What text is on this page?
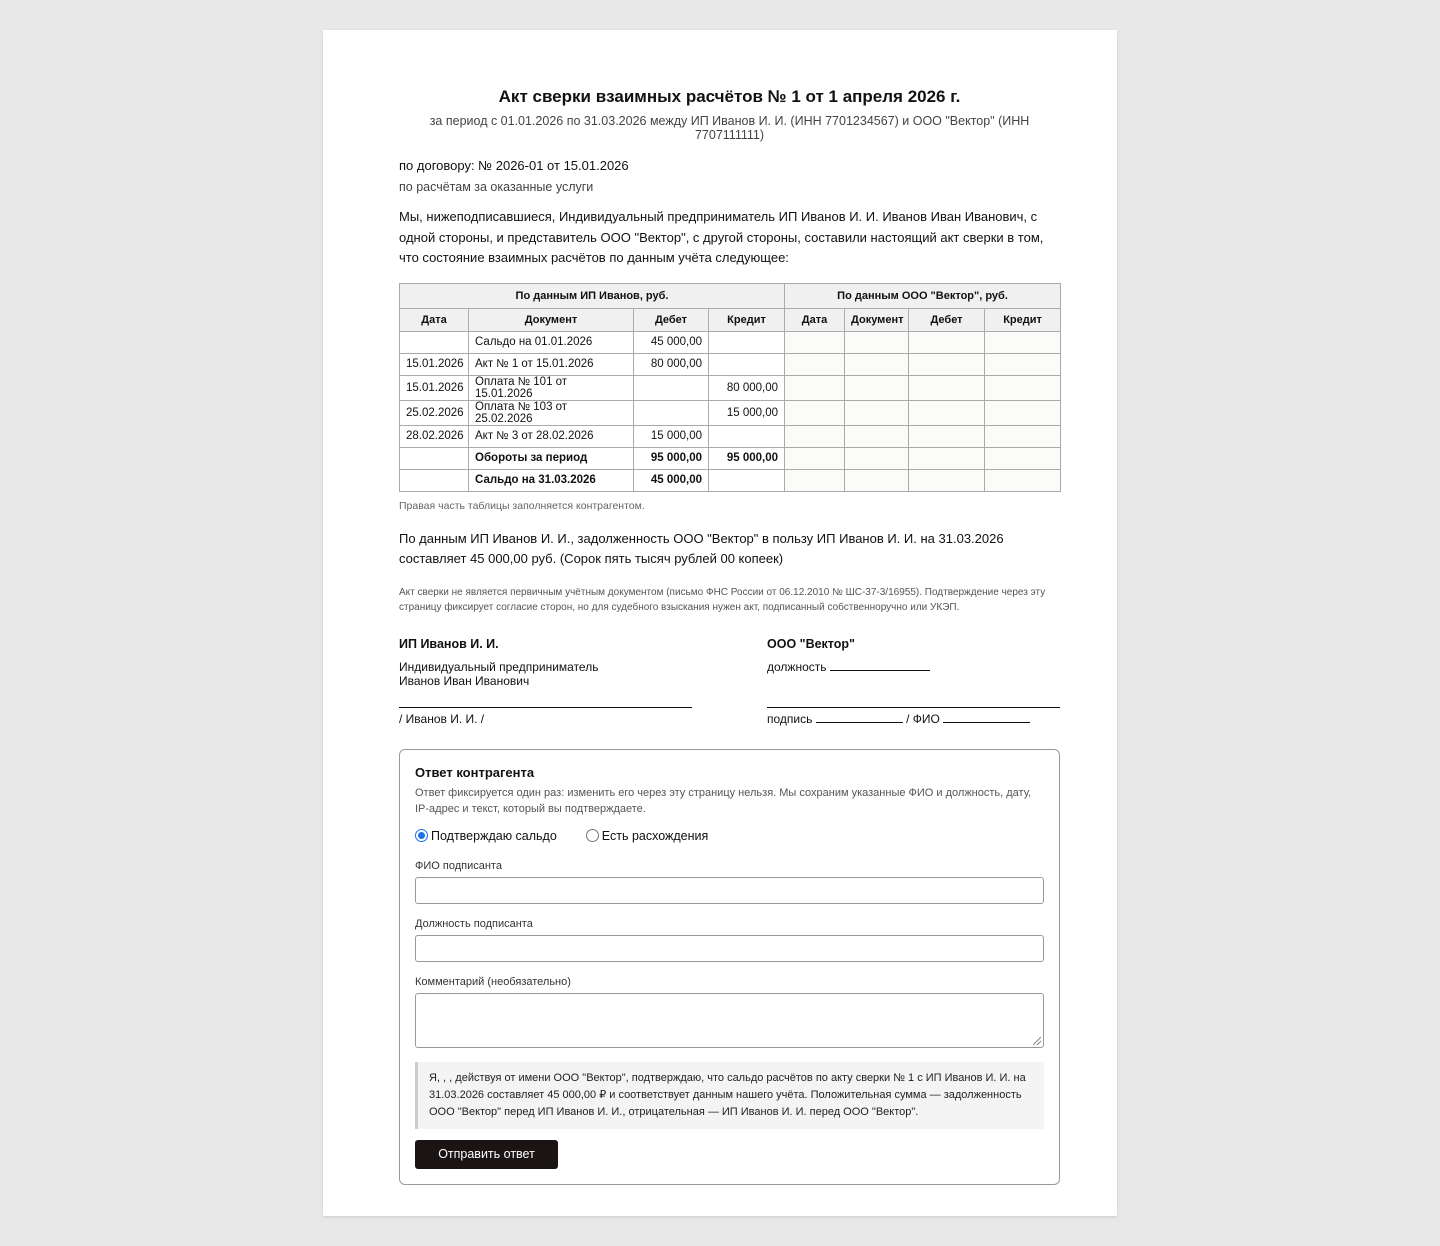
Акт сверки взаимных расчётов № 1 от 1 апреля 2026 г.
за период с 01.01.2026 по 31.03.2026 между ИП Иванов И. И. (ИНН 7701234567) и ООО "Вектор" (ИНН 7707111111)
по договору: № 2026-01 от 15.01.2026
по расчётам за оказанные услуги
Мы, нижеподписавшиеся, Индивидуальный предприниматель ИП Иванов И. И. Иванов Иван Иванович, с одной стороны, и представитель ООО "Вектор", с другой стороны, составили настоящий акт сверки в том, что состояние взаимных расчётов по данным учёта следующее:
По данным ИП Иванов, руб.				По данным ООО "Вектор", руб.			
Дата	Документ	Дебет	Кредит	Дата	Документ	Дебет	Кредит
	Сальдо на 01.01.2026	45 000,00					
15.01.2026	Акт № 1 от 15.01.2026	80 000,00					
15.01.2026	Оплата № 101 от 15.01.2026		80 000,00				
25.02.2026	Оплата № 103 от 25.02.2026		15 000,00				
28.02.2026	Акт № 3 от 28.02.2026	15 000,00					
	Обороты за период	95 000,00	95 000,00				
	Сальдо на 31.03.2026	45 000,00					
Правая часть таблицы заполняется контрагентом.
По данным ИП Иванов И. И., задолженность ООО "Вектор" в пользу ИП Иванов И. И. на 31.03.2026 составляет 45 000,00 руб. (Сорок пять тысяч рублей 00 копеек)
Акт сверки не является первичным учётным документом (письмо ФНС России от 06.12.2010 № ШС-37-3/16955). Подтверждение через эту страницу фиксирует согласие сторон, но для судебного взыскания нужен акт, подписанный собственноручно или УКЭП.
ИП Иванов И. И.
Индивидуальный предприниматель
Иванов Иван Иванович
/ Иванов И. И. /
ООО "Вектор"
должность
подпись	/ ФИО
Ответ контрагента
Ответ фиксируется один раз: изменить его через эту страницу нельзя. Мы сохраним указанные ФИО и должность, дату, IP-адрес и текст, который вы подтверждаете.
Подтверждаю сальдо	Есть расхождения
ФИО подписанта
Должность подписанта
Комментарий (необязательно)
Я, , , действуя от имени ООО "Вектор", подтверждаю, что сальдо расчётов по акту сверки № 1 с ИП Иванов И. И. на 31.03.2026 составляет 45 000,00 ₽ и соответствует данным нашего учёта. Положительная сумма — задолженность ООО "Вектор" перед ИП Иванов И. И., отрицательная — ИП Иванов И. И. перед ООО "Вектор".
Отправить ответ
